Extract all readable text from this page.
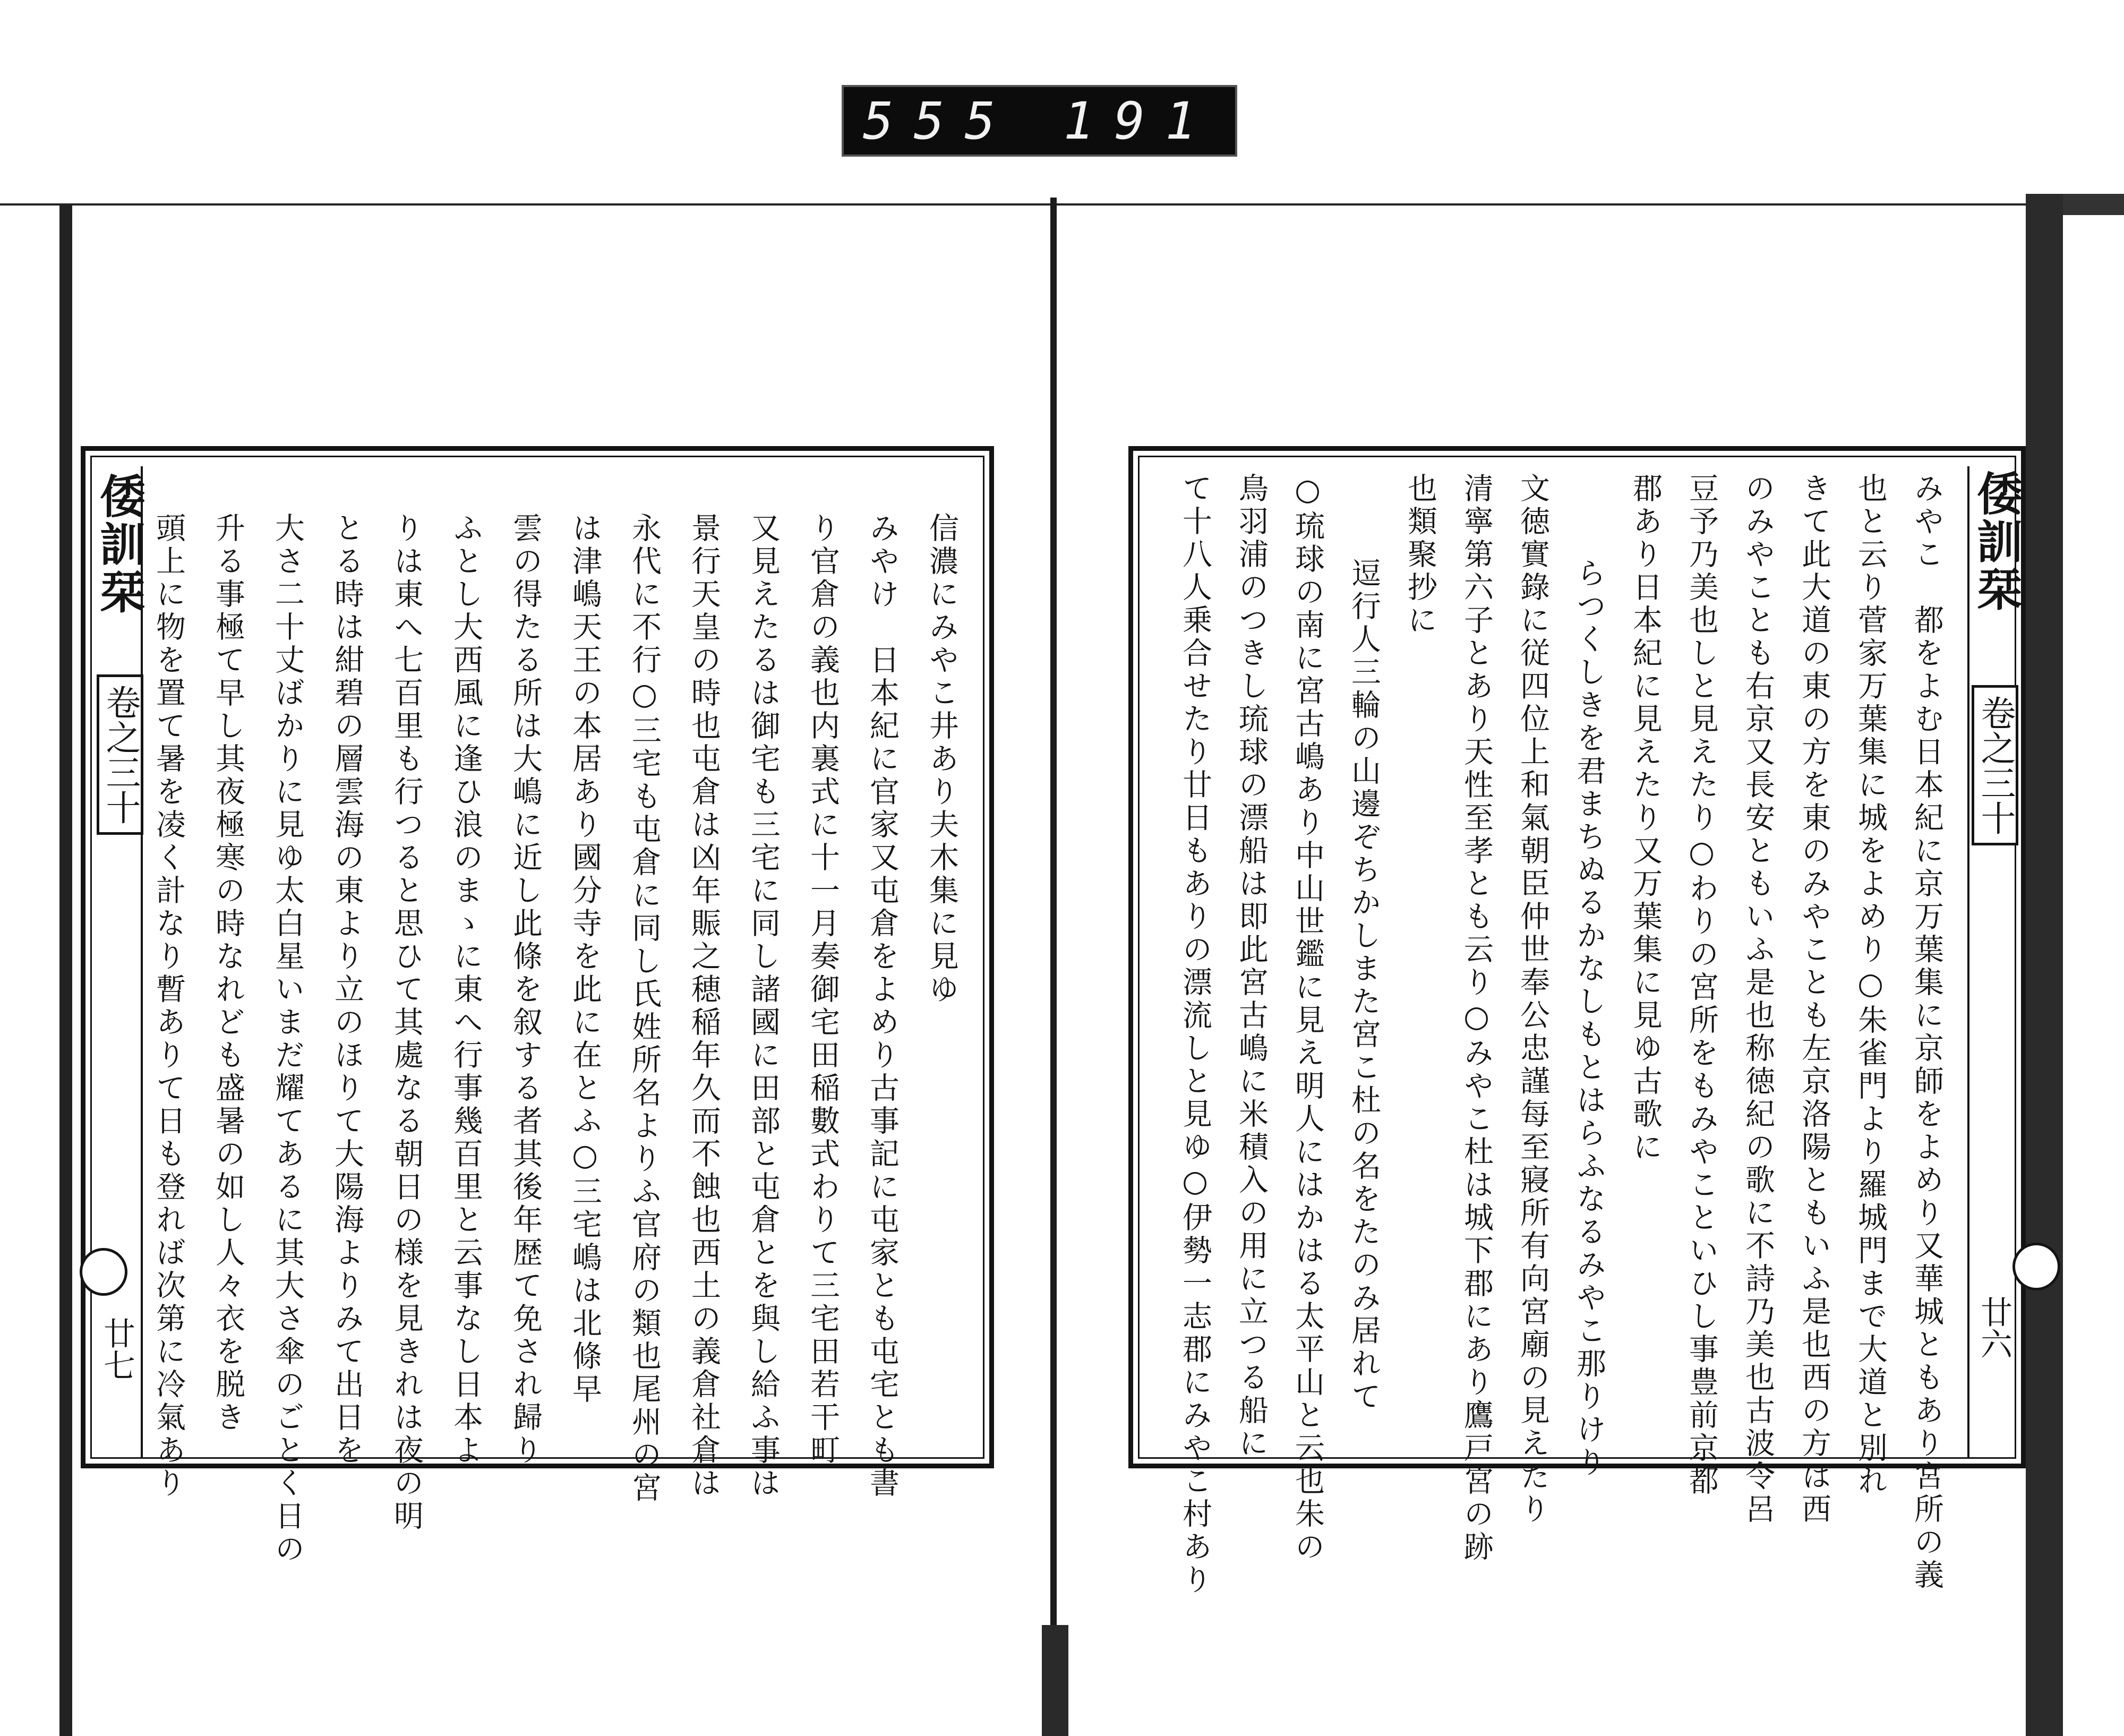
555 191
倭訓栞
卷之三十
廿七
信濃にみやこ井あり夫木集に見ゆ
みやけ　日本紀に官家又屯倉をよめり古事記に屯家とも屯宅とも書
り官倉の義也内裏式に十一月奏御宅田稲數式わりて三宅田若干町
又見えたるは御宅も三宅に同し諸國に田部と屯倉とを與し給ふ事は
景行天皇の時也屯倉は凶年賑之穂稲年久而不蝕也西土の義倉社倉は
永代に不行○三宅も屯倉に同し氏姓所名よりふ官府の類也尾州の宮
は津嶋天王の本居あり國分寺を此に在とふ○三宅嶋は北條早
雲の得たる所は大嶋に近し此條を叙する者其後年歴て免され歸り
ふとし大西風に逢ひ浪のまゝに東へ行事幾百里と云事なし日本よ
りは東へ七百里も行つると思ひて其處なる朝日の様を見きれは夜の明
とる時は紺碧の層雲海の東より立のほりて大陽海よりみて出日を
大さ二十丈ばかりに見ゆ太白星いまだ耀てあるに其大さ傘のごとく日の
升る事極て早し其夜極寒の時なれども盛暑の如し人々衣を脱き
頭上に物を置て暑を凌く計なり暫ありて日も登れば次第に冷氣あり	倭訓栞
卷之三十
廿六
みやこ　都をよむ日本紀に京万葉集に京師をよめり又華城ともあり宮所の義
也と云り菅家万葉集に城をよめり○朱雀門より羅城門まで大道と別れ
きて此大道の東の方を東のみやことも左京洛陽ともいふ是也西の方は西
のみやことも右京又長安ともいふ是也称徳紀の歌に不詩乃美也古波令呂
豆予乃美也しと見えたり○わりの宮所をもみやこといひし事豊前京都
郡あり日本紀に見えたり又万葉集に見ゆ古歌に
らつくしきを君まちぬるかなしもとはらふなるみやこ那りけり
文徳實錄に従四位上和氣朝臣仲世奉公忠謹每至寢所有向宮廟の見えたり
清寧第六子とあり天性至孝とも云り○みやこ杜は城下郡にあり鷹戸宮の跡
也類聚抄に
逗行人三輪の山邊ぞちかしまた宮こ杜の名をたのみ居れて
○琉球の南に宮古嶋あり中山世鑑に見え明人にはかはる太平山と云也朱の
鳥羽浦のつきし琉球の漂船は即此宮古嶋に米積入の用に立つる船に
て十八人乗合せたり廿日もありの漂流しと見ゆ○伊勢一志郡にみやこ村あり
